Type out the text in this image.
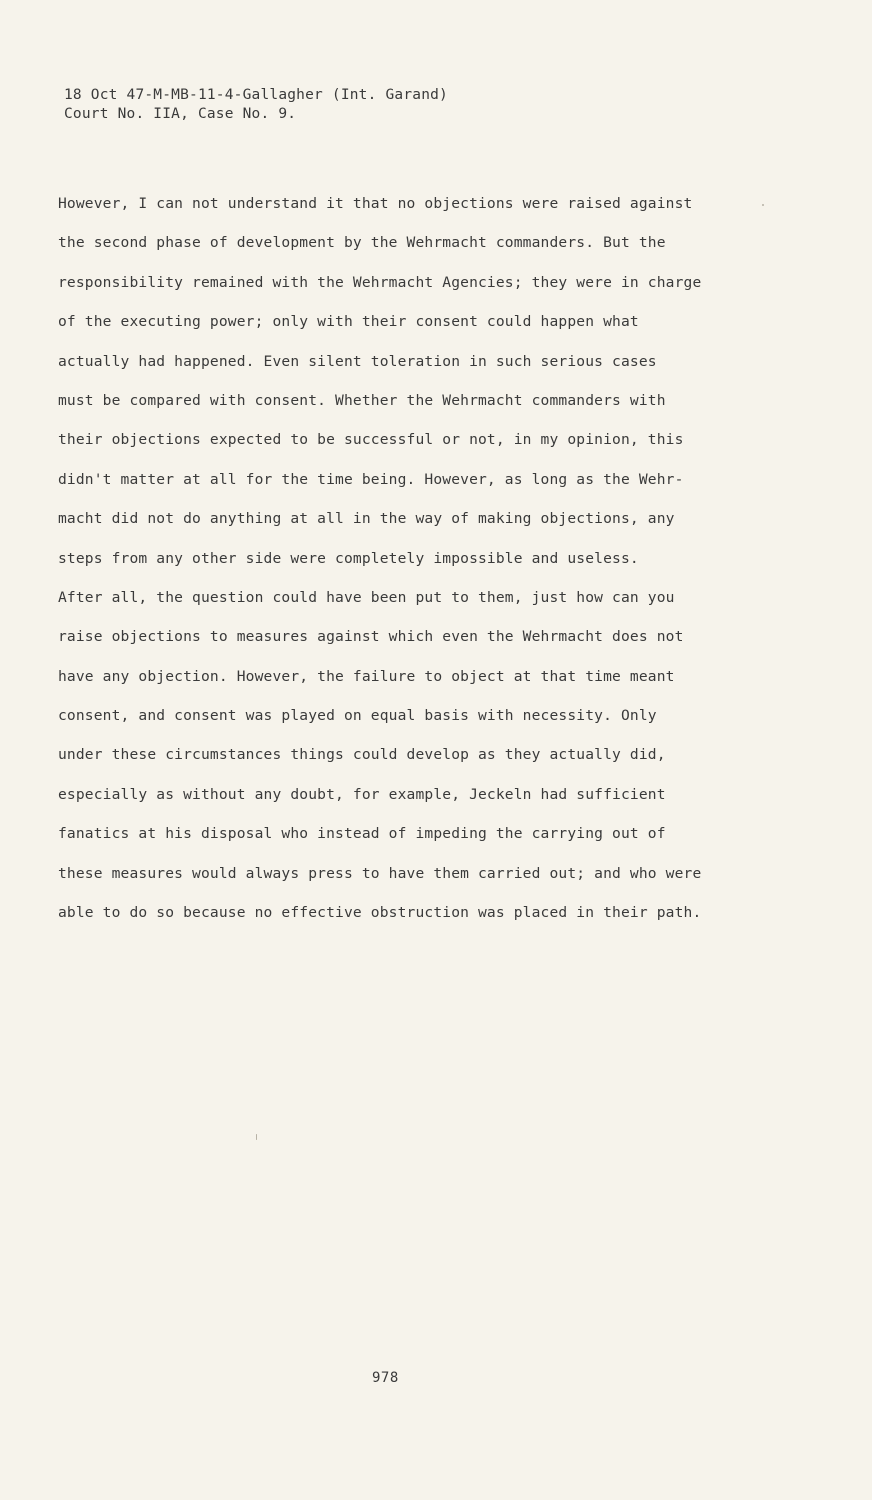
18 Oct 47-M-MB-11-4-Gallagher (Int. Garand)
Court No. IIA, Case No. 9.
However, I can not understand it that no objections were raised against
the second phase of development by the Wehrmacht commanders. But the
responsibility remained with the Wehrmacht Agencies; they were in charge
of the executing power; only with their consent could happen what
actually had happened. Even silent toleration in such serious cases
must be compared with consent. Whether the Wehrmacht commanders with
their objections expected to be successful or not, in my opinion, this
didn't matter at all for the time being. However, as long as the Wehr-
macht did not do anything at all in the way of making objections, any
steps from any other side were completely impossible and useless.
After all, the question could have been put to them, just how can you
raise objections to measures against which even the Wehrmacht does not
have any objection. However, the failure to object at that time meant
consent, and consent was played on equal basis with necessity. Only
under these circumstances things could develop as they actually did,
especially as without any doubt, for example, Jeckeln had sufficient
fanatics at his disposal who instead of impeding the carrying out of
these measures would always press to have them carried out; and who were
able to do so because no effective obstruction was placed in their path.
978
